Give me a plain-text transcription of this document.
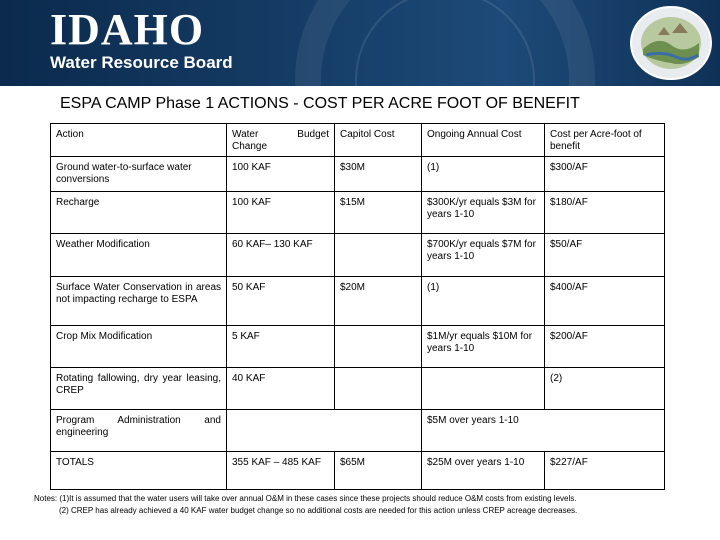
IDAHO
Water Resource Board
ESPA CAMP Phase 1 ACTIONS - COST PER ACRE FOOT OF BENEFIT
Action	Water Budget Change	Capitol Cost	Ongoing Annual Cost	Cost per Acre-foot of benefit
Ground water-to-surface water conversions	100 KAF	$30M	(1)	$300/AF
Recharge	100 KAF	$15M	$300K/yr equals $3M for years 1-10	$180/AF
Weather Modification	60 KAF– 130 KAF		$700K/yr equals $7M for years 1-10	$50/AF
Surface Water Conservation in areas not impacting recharge to ESPA	50 KAF	$20M	(1)	$400/AF
Crop Mix Modification	5 KAF		$1M/yr equals $10M for years 1-10	$200/AF
Rotating fallowing, dry year leasing, CREP	40 KAF			(2)
Program Administration and engineering			$5M over years 1-10	
TOTALS	355 KAF – 485 KAF	$65M	$25M over years 1-10	$227/AF
Notes: (1)It is assumed that the water users will take over annual O&M in these cases since these projects should reduce O&M costs from existing levels.
(2) CREP has already achieved a 40 KAF water budget change so no additional costs are needed for this action unless CREP acreage decreases.
